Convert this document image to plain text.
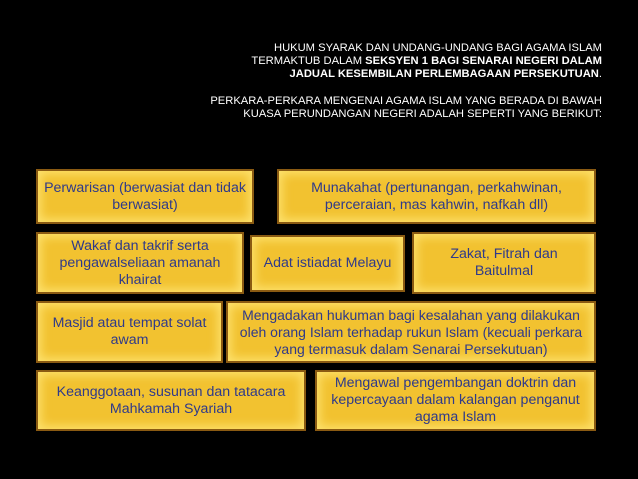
HUKUM SYARAK DAN UNDANG-UNDANG BAGI AGAMA ISLAM
TERMAKTUB DALAM SEKSYEN 1 BAGI SENARAI NEGERI DALAM
JADUAL KESEMBILAN PERLEMBAGAAN PERSEKUTUAN.

PERKARA-PERKARA MENGENAI AGAMA ISLAM YANG BERADA DI BAWAH
KUASA PERUNDANGAN NEGERI ADALAH SEPERTI YANG BERIKUT:

Perwarisan (berwasiat dan tidak berwasiat)
Munakahat (pertunangan, perkahwinan, perceraian, mas kahwin, nafkah dll)
Wakaf dan takrif serta pengawalseliaan amanah khairat
Adat istiadat Melayu
Zakat, Fitrah dan Baitulmal
Masjid atau tempat solat awam
Mengadakan hukuman bagi kesalahan yang dilakukan oleh orang Islam terhadap rukun Islam (kecuali perkara yang termasuk dalam Senarai Persekutuan)
Keanggotaan, susunan dan tatacara Mahkamah Syariah
Mengawal pengembangan doktrin dan kepercayaan dalam kalangan penganut agama Islam
